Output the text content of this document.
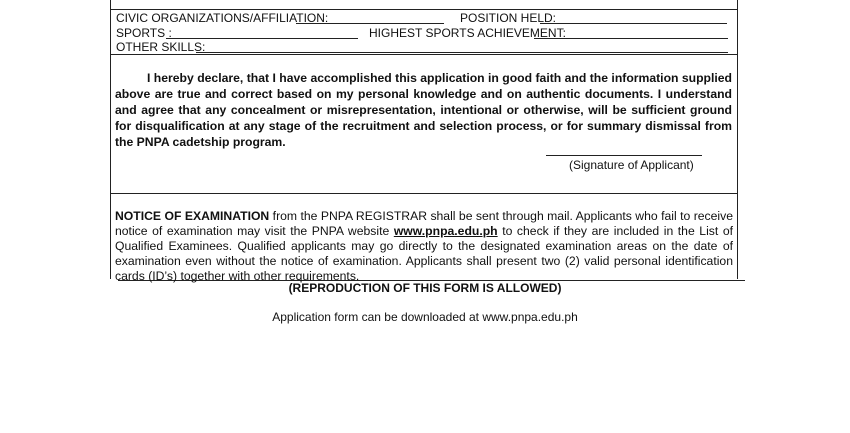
CIVIC ORGANIZATIONS/AFFILIATION:	POSITION HELD:
SPORTS :	HIGHEST SPORTS ACHIEVEMENT:
OTHER SKILLS:

I hereby declare, that I have accomplished this application in good faith and the information supplied above are true and correct based on my personal knowledge and on authentic documents. I understand and agree that any concealment or misrepresentation, intentional or otherwise, will be sufficient ground for disqualification at any stage of the recruitment and selection process, or for summary dismissal from the PNPA cadetship program.

(Signature of Applicant)
NOTICE OF EXAMINATION from the PNPA REGISTRAR shall be sent through mail. Applicants who fail to receive notice of examination may visit the PNPA website www.pnpa.edu.ph to check if they are included in the List of Qualified Examinees. Qualified applicants may go directly to the designated examination areas on the date of examination even without the notice of examination. Applicants shall present two (2) valid personal identification cards (ID’s) together with other requirements.
(REPRODUCTION OF THIS FORM IS ALLOWED)
Application form can be downloaded at www.pnpa.edu.ph
